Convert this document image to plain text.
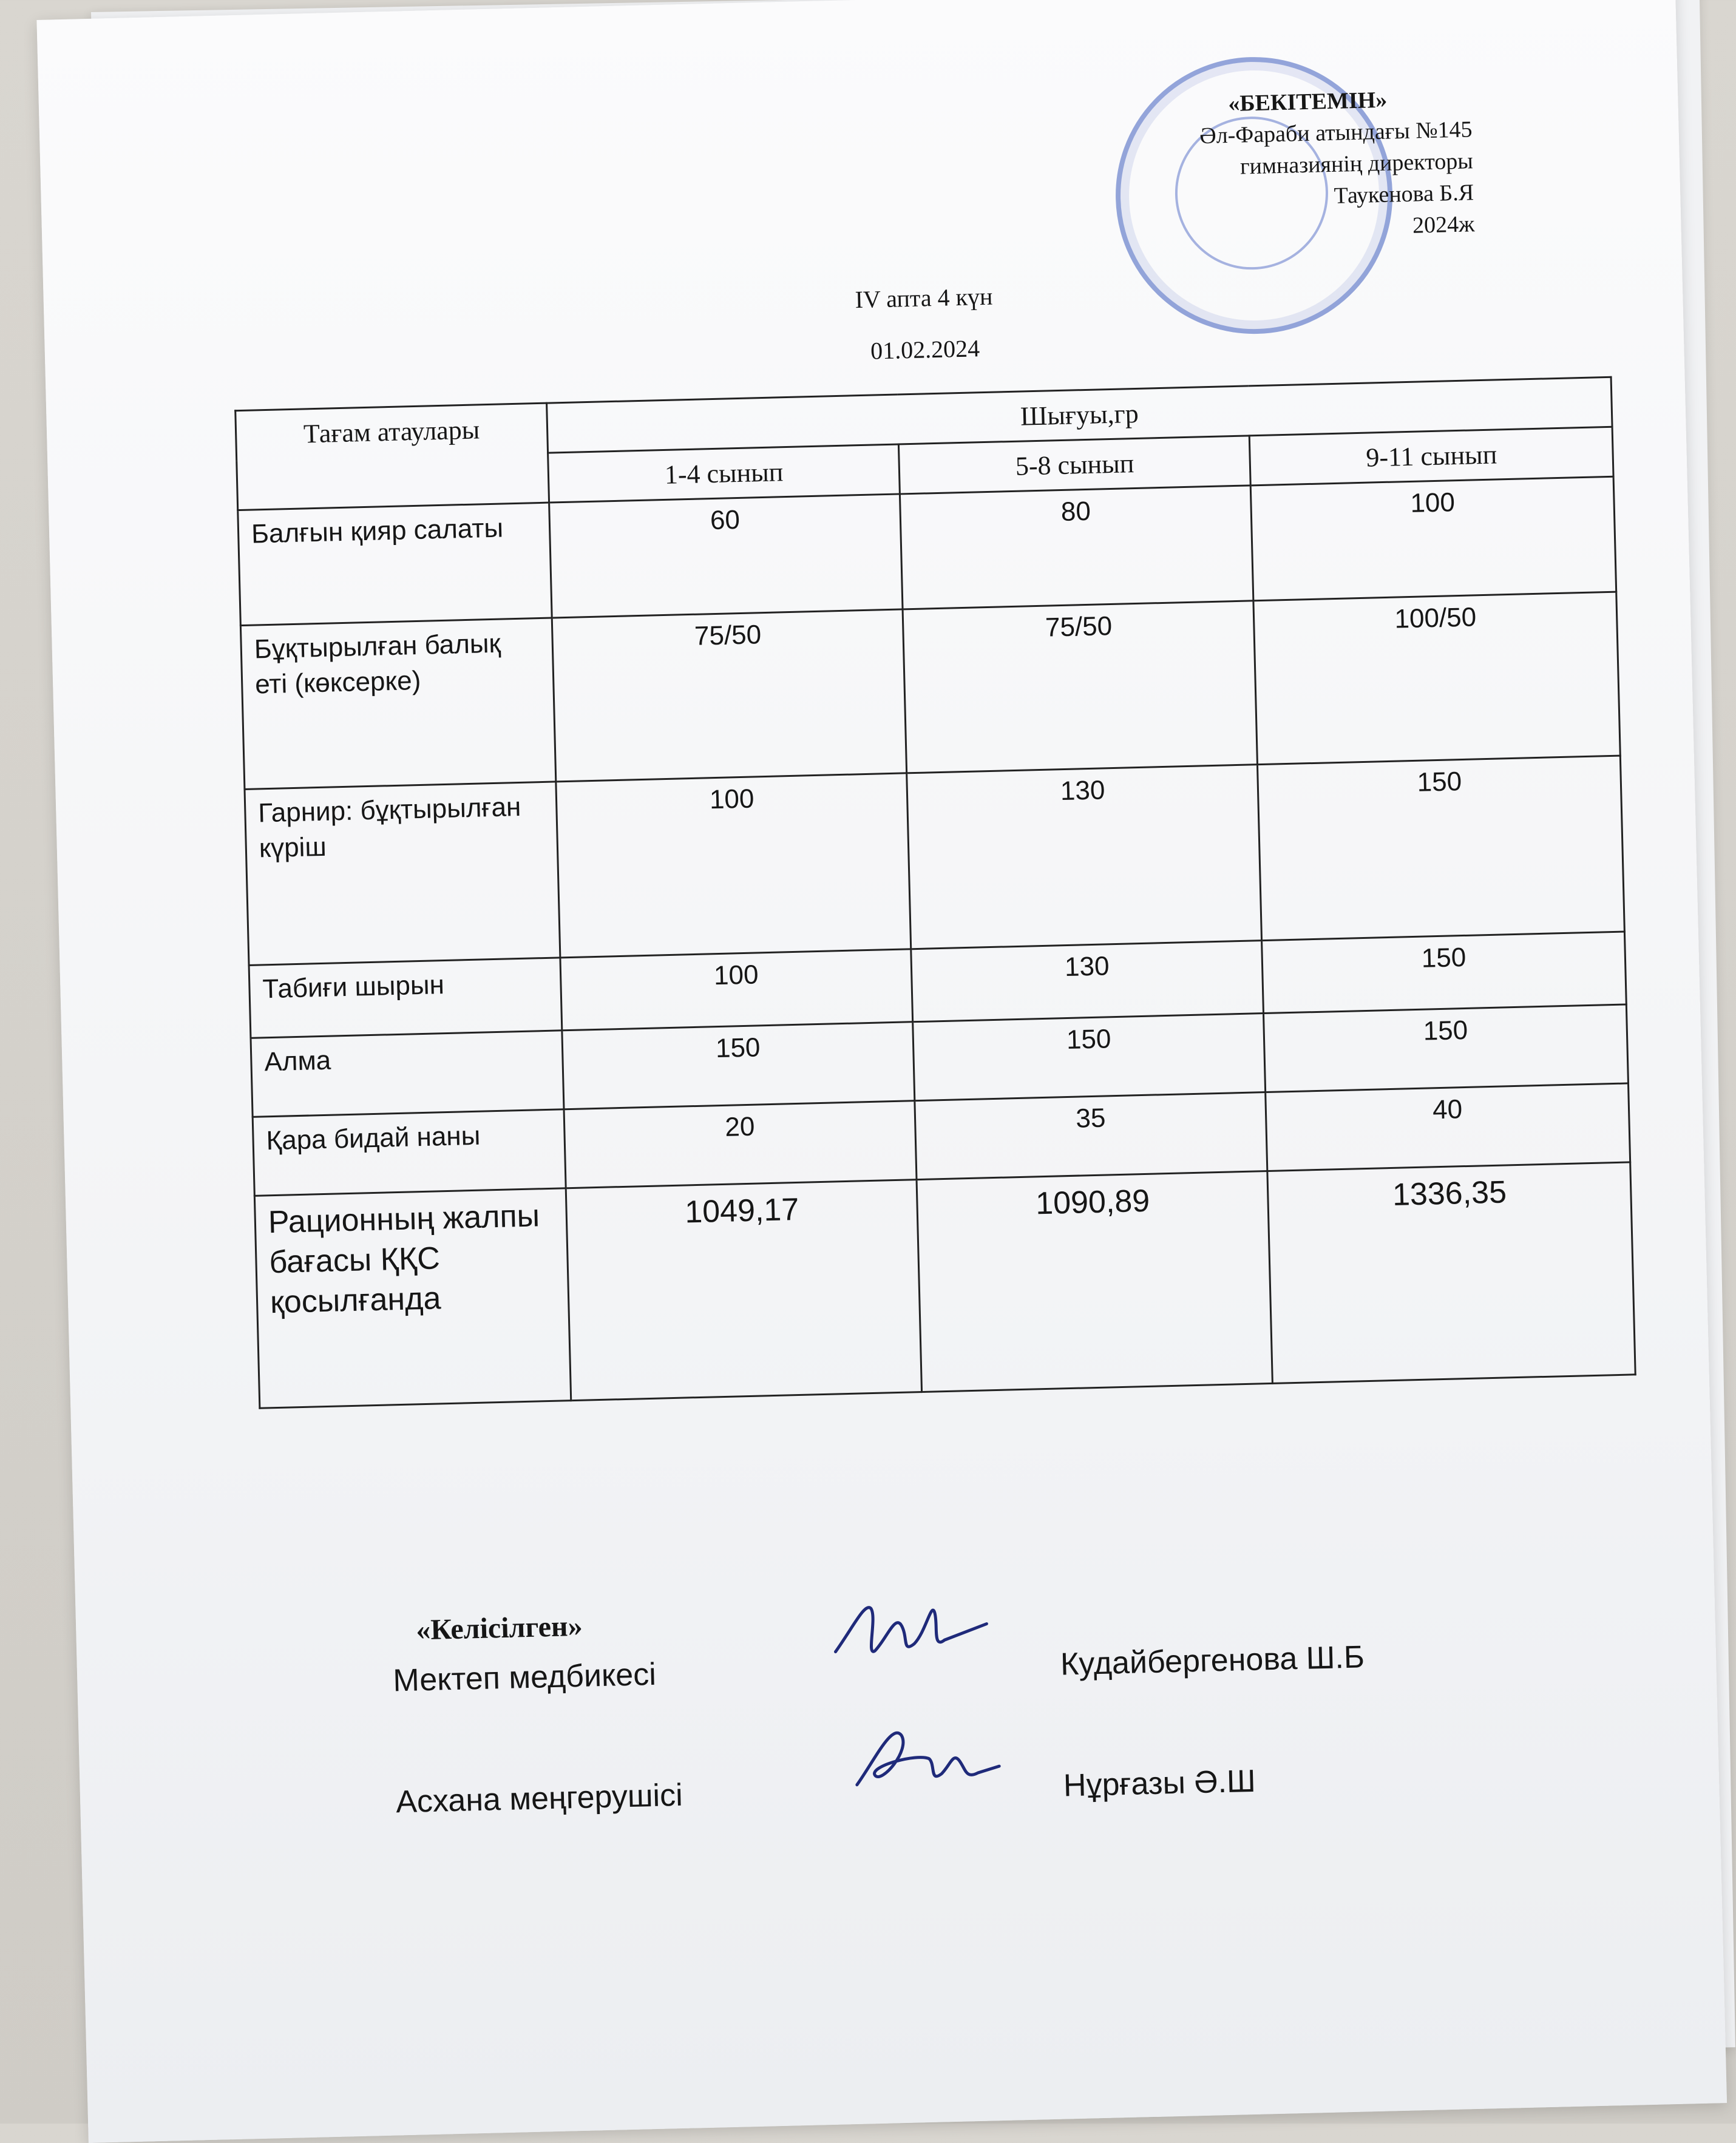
«БЕКІТЕМІН»
Әл-Фараби атындағы №145
гимназиянің директоры
Таукенова Б.Я
2024ж
IV апта 4 күн
01.02.2024
Тағам атаулары	Шығуы,гр		
	1-4 сынып	5-8 сынып	9-11 сынып
Балғын қияр салаты	60	80	100
Бұқтырылған балық еті (көксерке)	75/50	75/50	100/50
Гарнир: бұқтырылған күріш	100	130	150
Табиғи шырын	100	130	150
Алма	150	150	150
Қара бидай наны	20	35	40
Рационның жалпы бағасы ҚҚС қосылғанда	1049,17	1090,89	1336,35
«Келісілген»
Мектеп медбикесі	Кудайбергенова Ш.Б
Асхана меңгерушісі	Нұрғазы Ә.Ш
